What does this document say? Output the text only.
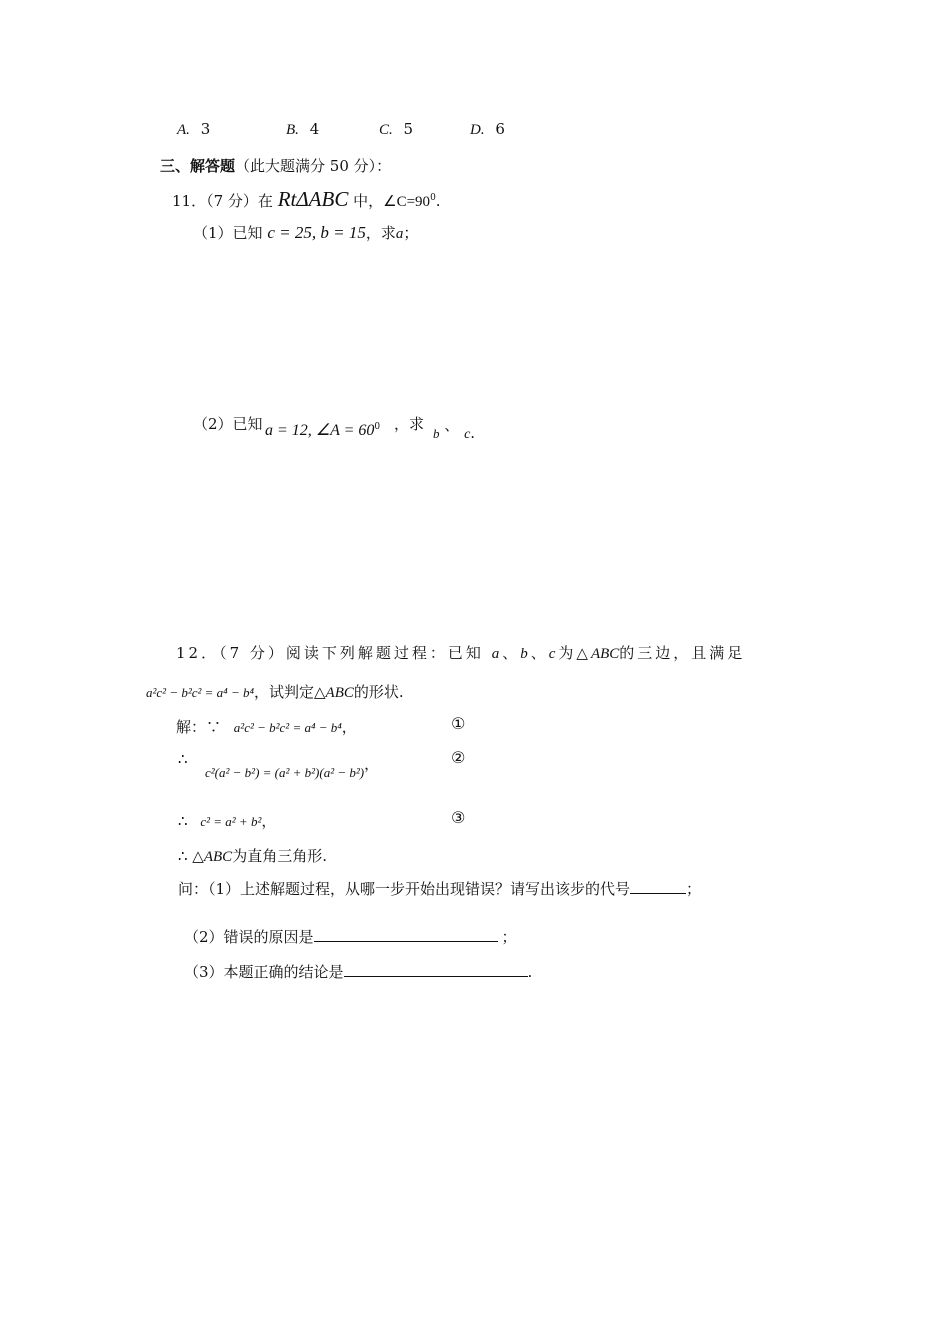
A. 3	B. 4	C. 5	D. 6
三、解答题（此大题满分 50 分）：
11．（7 分）在 RtΔABC 中，$\angle C=90^0$.
（1）已知 c = 25, b = 15，求a；
（2）已知 a = 12, ∠A = $60^0$ ，求
b 、 c.
12．（7 分）阅读下列解题过程：已知 a、b、c为△ABC的三边，且满足
a²c² − b²c² = a⁴ − b⁴，试判定△ABC的形状.
解：∵ a²c² − b²c² = a⁴ − b⁴，	①
∴
c²(a² − b²) = (a² + b²)(a² − b²)，	②
∴ c² = a² + b²，	③
∴ △ABC为直角三角形.
问：（1）上述解题过程，从哪一步开始出现错误？请写出该步的代号	；
（2）错误的原因是	；
（3）本题正确的结论是	.
